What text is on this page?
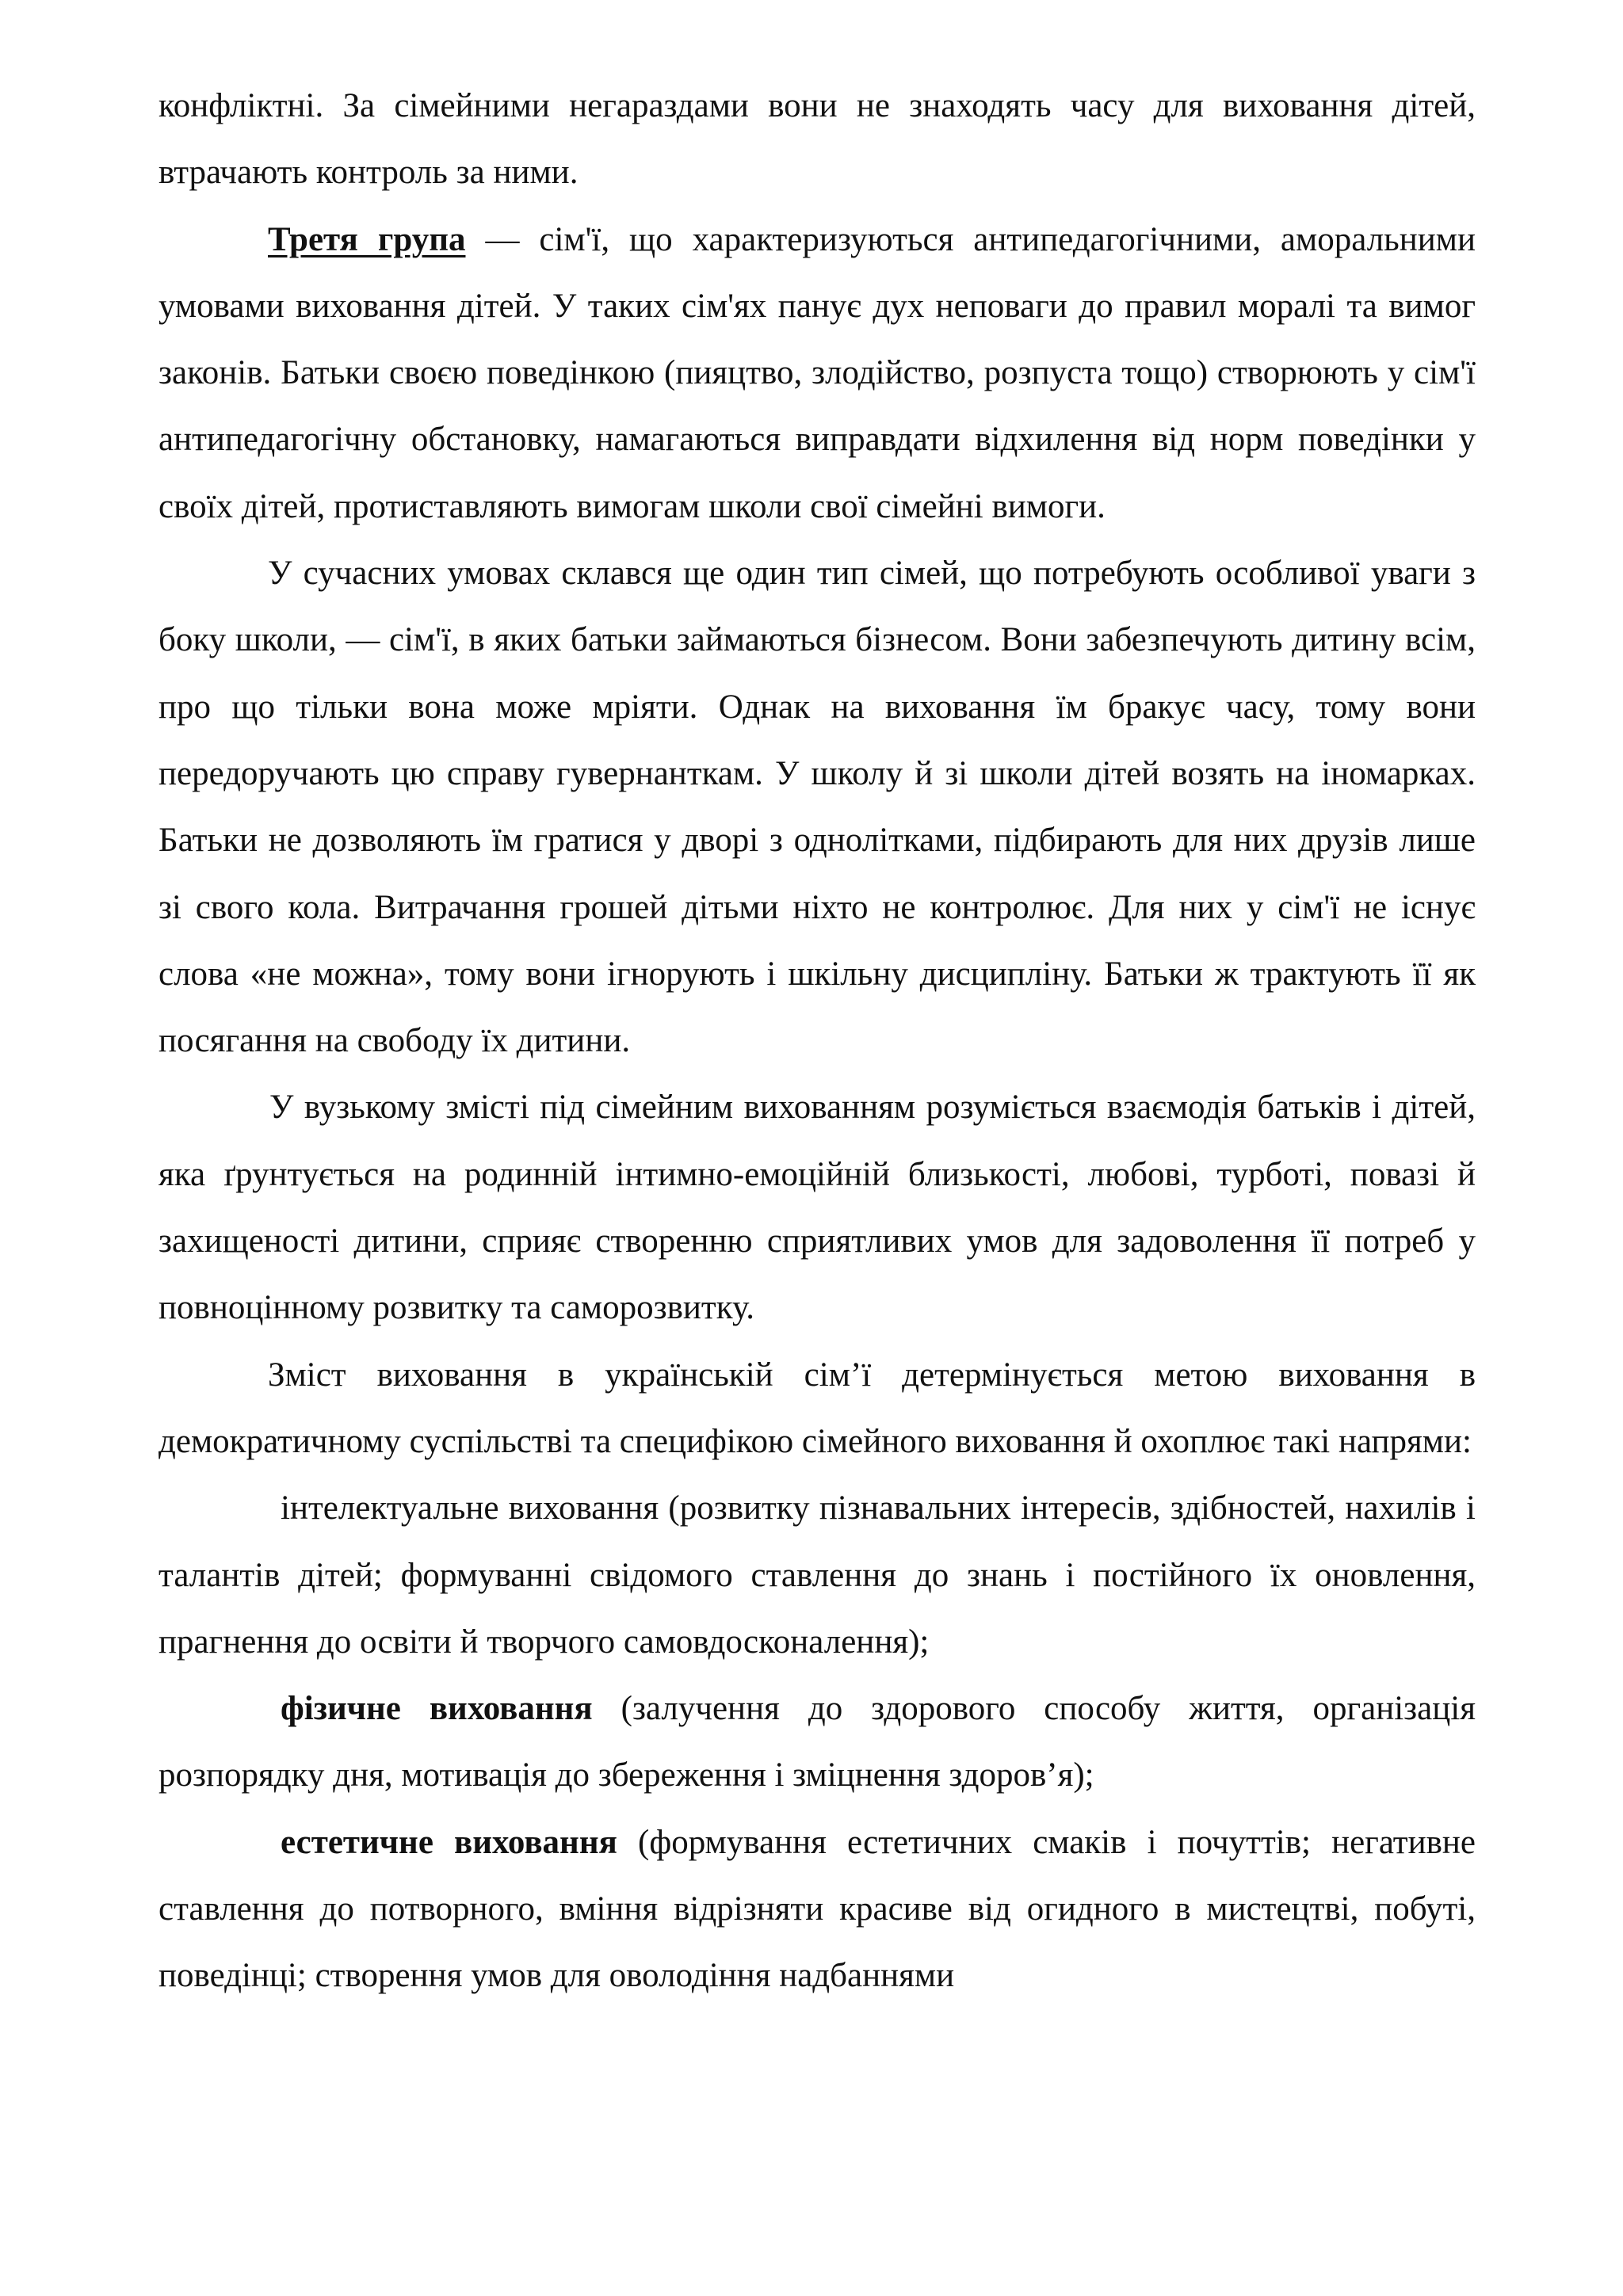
конфліктні. За сімейними негараздами вони не знаходять часу для виховання дітей, втрачають контроль за ними.

Третя група — сім'ї, що характеризуються антипедагогічними, аморальними умовами виховання дітей. У таких сім'ях панує дух неповаги до правил моралі та вимог законів. Батьки своєю поведінкою (пияцтво, злодійство, розпуста тощо) створюють у сім'ї антипедагогічну обстановку, намагаються виправдати відхилення від норм поведінки у своїх дітей, протиставляють вимогам школи свої сімейні вимоги.

У сучасних умовах склався ще один тип сімей, що потребують особливої уваги з боку школи, — сім'ї, в яких батьки займаються бізнесом. Вони забезпечують дитину всім, про що тільки вона може мріяти. Однак на виховання їм бракує часу, тому вони передоручають цю справу гувернанткам. У школу й зі школи дітей возять на іномарках. Батьки не дозволяють їм гратися у дворі з однолітками, підбирають для них друзів лише зі свого кола. Витрачання грошей дітьми ніхто не контролює. Для них у сім'ї не існує слова «не можна», тому вони ігнорують і шкільну дисципліну. Батьки ж трактують її як посягання на свободу їх дитини.

У вузькому змісті під сімейним вихованням розуміється взаємодія батьків і дітей, яка ґрунтується на родинній інтимно-емоційній близькості, любові, турботі, повазі й захищеності дитини, сприяє створенню сприятливих умов для задоволення її потреб у повноцінному розвитку та саморозвитку.

Зміст виховання в українській сім’ї детермінується метою виховання в демократичному суспільстві та специфікою сімейного виховання й охоплює такі напрями:

інтелектуальне виховання (розвитку пізнавальних інтересів, здібностей, нахилів і талантів дітей; формуванні свідомого ставлення до знань і постійного їх оновлення, прагнення до освіти й творчого самовдосконалення);

фізичне виховання (залучення до здорового способу життя, організація розпорядку дня, мотивація до збереження і зміцнення здоров’я);

естетичне виховання (формування естетичних смаків і почуттів; негативне ставлення до потворного, вміння відрізняти красиве від огидного в мистецтві, побуті, поведінці; створення умов для оволодіння надбаннями
